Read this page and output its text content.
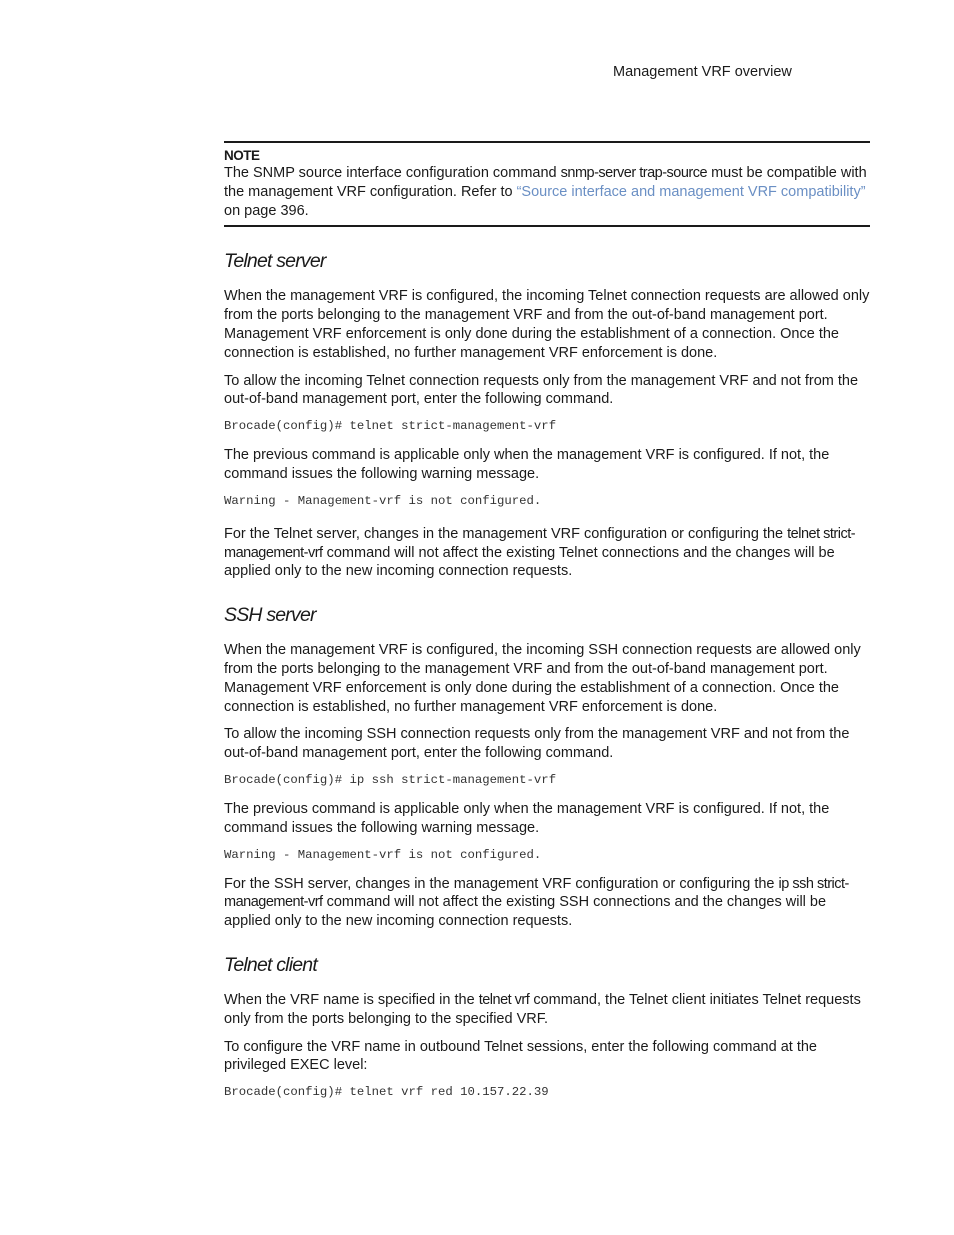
Management VRF overview
NOTE

The SNMP source interface configuration command snmp-server trap-source must be compatible with the management VRF configuration. Refer to “Source interface and management VRF compatibility” on page 396.

Telnet server

When the management VRF is configured, the incoming Telnet connection requests are allowed only from the ports belonging to the management VRF and from the out-of-band management port. Management VRF enforcement is only done during the establishment of a connection. Once the connection is established, no further management VRF enforcement is done.

To allow the incoming Telnet connection requests only from the management VRF and not from the out-of-band management port, enter the following command.

Brocade(config)# telnet strict-management-vrf

The previous command is applicable only when the management VRF is configured. If not, the command issues the following warning message.

Warning - Management-vrf is not configured.

For the Telnet server, changes in the management VRF configuration or configuring the telnet strict-management-vrf command will not affect the existing Telnet connections and the changes will be applied only to the new incoming connection requests.

SSH server

When the management VRF is configured, the incoming SSH connection requests are allowed only from the ports belonging to the management VRF and from the out-of-band management port. Management VRF enforcement is only done during the establishment of a connection. Once the connection is established, no further management VRF enforcement is done.

To allow the incoming SSH connection requests only from the management VRF and not from the out-of-band management port, enter the following command.

Brocade(config)# ip ssh strict-management-vrf

The previous command is applicable only when the management VRF is configured. If not, the command issues the following warning message.

Warning - Management-vrf is not configured.

For the SSH server, changes in the management VRF configuration or configuring the ip ssh strict-management-vrf command will not affect the existing SSH connections and the changes will be applied only to the new incoming connection requests.

Telnet client

When the VRF name is specified in the telnet vrf command, the Telnet client initiates Telnet requests only from the ports belonging to the specified VRF.

To configure the VRF name in outbound Telnet sessions, enter the following command at the privileged EXEC level:

Brocade(config)# telnet vrf red 10.157.22.39
